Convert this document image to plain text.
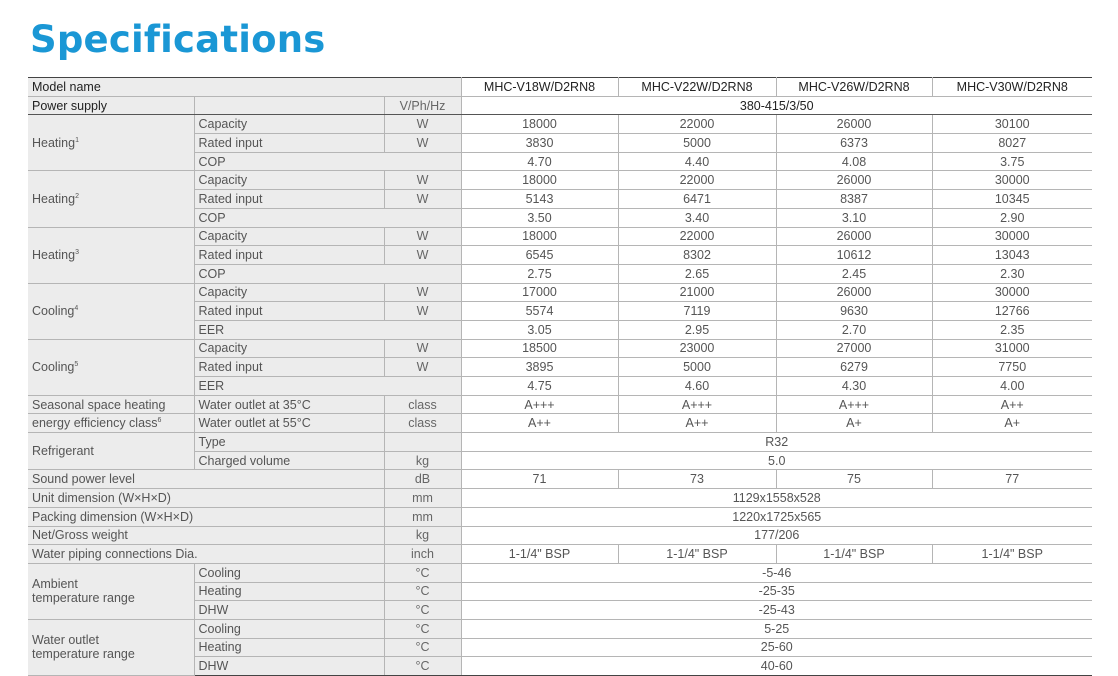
Specifications
Model name			MHC-V18W/D2RN8	MHC-V22W/D2RN8	MHC-V26W/D2RN8	MHC-V30W/D2RN8
Power supply		V/Ph/Hz	380-415/3/50			
Heating$^1$	Capacity	W	18000	22000	26000	30100
	Rated input	W	3830	5000	6373	8027
	COP		4.70	4.40	4.08	3.75
Heating$^2$	Capacity	W	18000	22000	26000	30000
	Rated input	W	5143	6471	8387	10345
	COP		3.50	3.40	3.10	2.90
Heating$^3$	Capacity	W	18000	22000	26000	30000
	Rated input	W	6545	8302	10612	13043
	COP		2.75	2.65	2.45	2.30
Cooling$^4$	Capacity	W	17000	21000	26000	30000
	Rated input	W	5574	7119	9630	12766
	EER		3.05	2.95	2.70	2.35
Cooling$^5$	Capacity	W	18500	23000	27000	31000
	Rated input	W	3895	5000	6279	7750
	EER		4.75	4.60	4.30	4.00
Seasonal space heating	Water outlet at 35°C	class	A+++	A+++	A+++	A++
energy efficiency class$^6$	Water outlet at 55°C	class	A++	A++	A+	A+
Refrigerant	Type		R32			
	Charged volume	kg	5.0			
Sound power level		dB	71	73	75	77
Unit dimension (W×H×D)		mm	1129x1558x528			
Packing dimension (W×H×D)		mm	1220x1725x565			
Net/Gross weight		kg	177/206			
Water piping connections Dia.		inch	1-1/4" BSP	1-1/4" BSP	1-1/4" BSP	1-1/4" BSP
Ambient
temperature range	Cooling	°C	-5-46			
	Heating	°C	-25-35			
	DHW	°C	-25-43			
Water outlet
temperature range	Cooling	°C	5-25			
	Heating	°C	25-60			
	DHW	°C	40-60			
